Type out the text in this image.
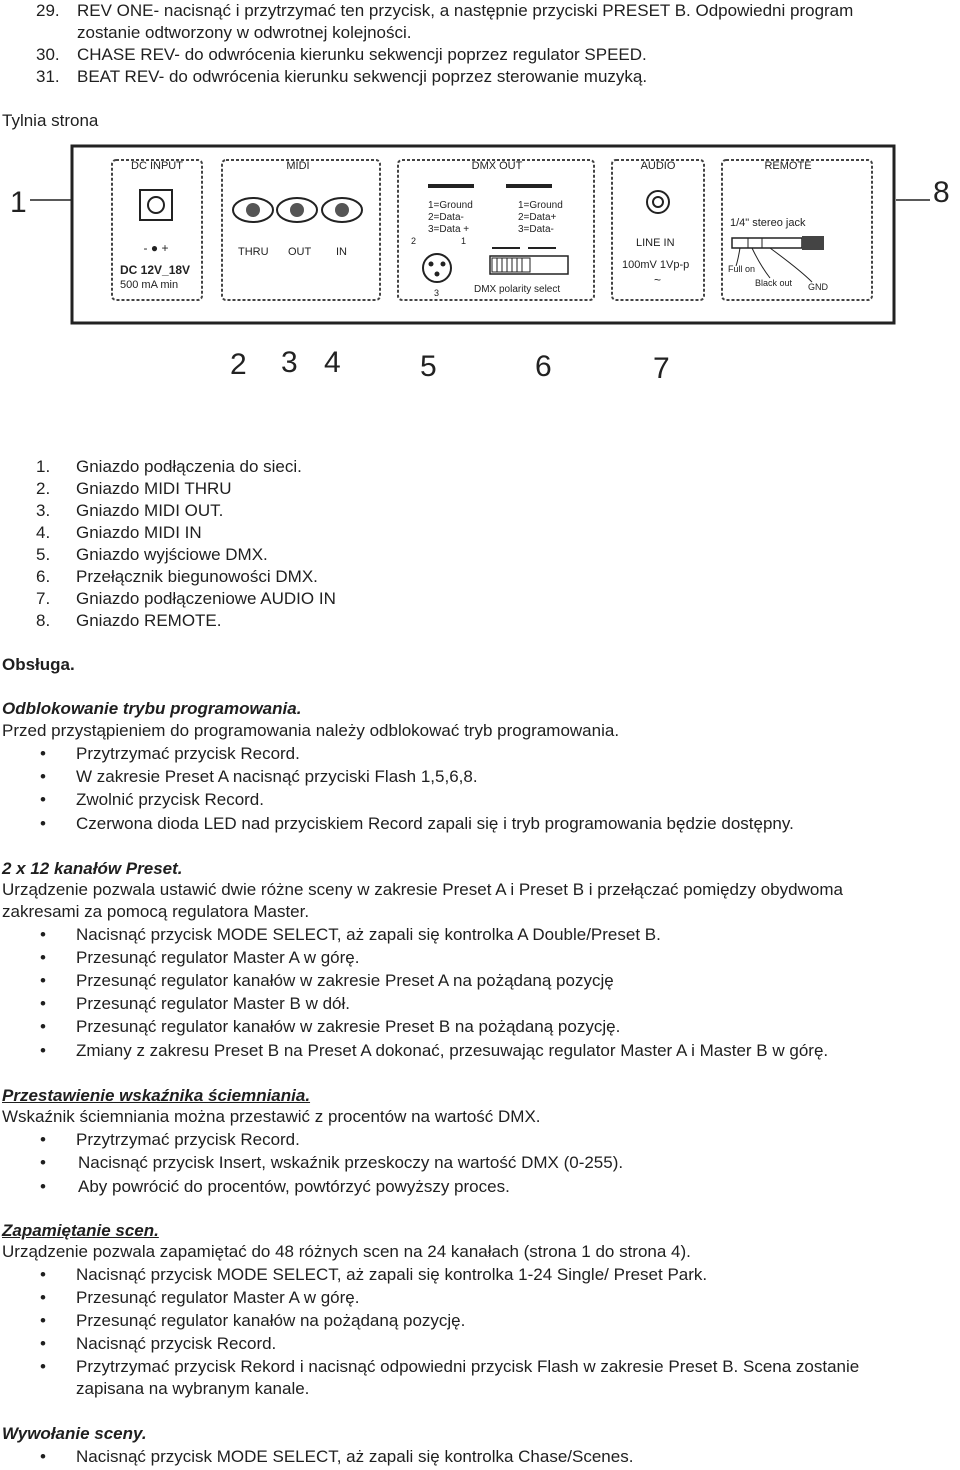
29. REV ONE- nacisnąć i przytrzymać ten przycisk, a następnie przyciski PRESET B. Odpowiedni program
zostanie odtworzony w odwrotnej kolejności.
30. CHASE REV- do odwrócenia kierunku sekwencji poprzez regulator SPEED.
31. BEAT REV- do odwrócenia kierunku sekwencji poprzez sterowanie muzyką.
Tylnia strona
DC INPUT	MIDI	DMX OUT	AUDIO	REMOTE
- ● +
DC 12V_18V
500 mA min
THRU OUT IN
1=Ground
2=Data-
3=Data +
1=Ground
2=Data+
3=Data-
2	1
3	DMX polarity select
LINE IN
100mV 1Vp-p
~
1/4" stereo jack
Full on
Black out GND
1
2 3 4	5	6	7
8
1. Gniazdo podłączenia do sieci.
2. Gniazdo MIDI THRU
3. Gniazdo MIDI OUT.
4. Gniazdo MIDI IN
5. Gniazdo wyjściowe DMX.
6. Przełącznik biegunowości DMX.
7. Gniazdo podłączeniowe AUDIO IN
8. Gniazdo REMOTE.
Obsługa.
Odblokowanie trybu programowania.
Przed przystąpieniem do programowania należy odblokować tryb programowania.
• Przytrzymać przycisk Record.
• W zakresie Preset A nacisnąć przyciski Flash 1,5,6,8.
• Zwolnić przycisk Record.
• Czerwona dioda LED nad przyciskiem Record zapali się i tryb programowania będzie dostępny.
2 x 12 kanałów Preset.
Urządzenie pozwala ustawić dwie różne sceny w zakresie Preset A i Preset B i przełączać pomiędzy obydwoma
zakresami za pomocą regulatora Master.
• Nacisnąć przycisk MODE SELECT, aż zapali się kontrolka A Double/Preset B.
• Przesunąć regulator Master A w górę.
• Przesunąć regulator kanałów w zakresie Preset A na pożądaną pozycję
• Przesunąć regulator Master B w dół.
• Przesunąć regulator kanałów w zakresie Preset B na pożądaną pozycję.
• Zmiany z zakresu Preset B na Preset A dokonać, przesuwając regulator Master A i Master B w górę.
Przestawienie wskaźnika ściemniania.
Wskaźnik ściemniania można przestawić z procentów na wartość DMX.
• Przytrzymać przycisk Record.
• Nacisnąć przycisk Insert, wskaźnik przeskoczy na wartość DMX (0-255).
• Aby powrócić do procentów, powtórzyć powyższy proces.
Zapamiętanie scen.
Urządzenie pozwala zapamiętać do 48 różnych scen na 24 kanałach (strona 1 do strona 4).
• Nacisnąć przycisk MODE SELECT, aż zapali się kontrolka 1-24 Single/ Preset Park.
• Przesunąć regulator Master A w górę.
• Przesunąć regulator kanałów na pożądaną pozycję.
• Nacisnąć przycisk Record.
• Przytrzymać przycisk Rekord i nacisnąć odpowiedni przycisk Flash w zakresie Preset B. Scena zostanie
zapisana na wybranym kanale.
Wywołanie sceny.
• Nacisnąć przycisk MODE SELECT, aż zapali się kontrolka Chase/Scenes.
